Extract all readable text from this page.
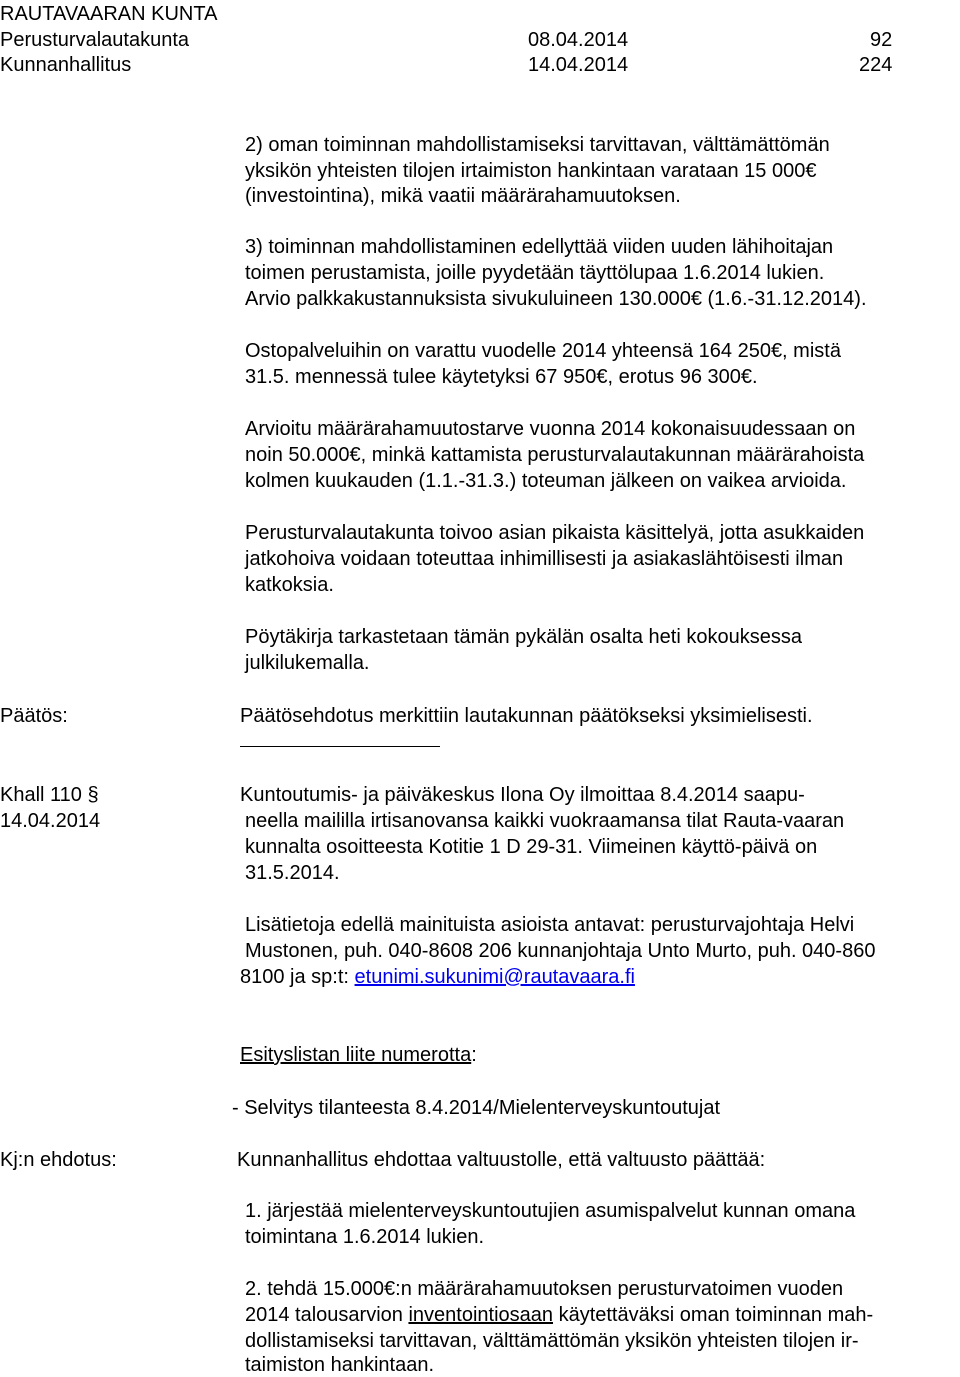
RAUTAVAARAN KUNTA
Perusturvalautakunta	08.04.2014	92
Kunnanhallitus	14.04.2014	224
2) oman toiminnan mahdollistamiseksi tarvittavan, välttämättömän
yksikön yhteisten tilojen irtaimiston hankintaan varataan 15 000€
(investointina), mikä vaatii määrärahamuutoksen.
3) toiminnan mahdollistaminen edellyttää viiden uuden lähihoitajan
toimen perustamista, joille pyydetään täyttölupaa 1.6.2014 lukien.
Arvio palkkakustannuksista sivukuluineen 130.000€ (1.6.-31.12.2014).
Ostopalveluihin on varattu vuodelle 2014 yhteensä 164 250€, mistä
31.5. mennessä tulee käytetyksi 67 950€, erotus 96 300€.
Arvioitu määrärahamuutostarve vuonna 2014 kokonaisuudessaan on
noin 50.000€, minkä kattamista perusturvalautakunnan määrärahoista
kolmen kuukauden (1.1.-31.3.) toteuman jälkeen on vaikea arvioida.
Perusturvalautakunta toivoo asian pikaista käsittelyä, jotta asukkaiden
jatkohoiva voidaan toteuttaa inhimillisesti ja asiakaslähtöisesti ilman
katkoksia.
Pöytäkirja tarkastetaan tämän pykälän osalta heti kokouksessa
julkilukemalla.
Päätös:	Päätösehdotus merkittiin lautakunnan päätökseksi yksimielisesti.
Khall 110 §
14.04.2014
Kuntoutumis- ja päiväkeskus Ilona Oy ilmoittaa 8.4.2014 saapu-
neella maililla irtisanovansa kaikki vuokraamansa tilat Rauta-vaaran
kunnalta osoitteesta Kotitie 1 D 29-31. Viimeinen käyttö-päivä on
31.5.2014.
Lisätietoja edellä mainituista asioista antavat: perusturvajohtaja Helvi
Mustonen, puh. 040-8608 206 kunnanjohtaja Unto Murto, puh. 040-860
8100 ja sp:t: etunimi.sukunimi@rautavaara.fi
Esityslistan liite numerotta:
- Selvitys tilanteesta 8.4.2014/Mielenterveyskuntoutujat
Kj:n ehdotus:	Kunnanhallitus ehdottaa valtuustolle, että valtuusto päättää:
1. järjestää mielenterveyskuntoutujien asumispalvelut kunnan omana
toimintana 1.6.2014 lukien.
2. tehdä 15.000€:n määrärahamuutoksen perusturvatoimen vuoden
2014 talousarvion inventointiosaan käytettäväksi oman toiminnan mah-
dollistamiseksi tarvittavan, välttämättömän yksikön yhteisten tilojen ir-
taimiston hankintaan.
